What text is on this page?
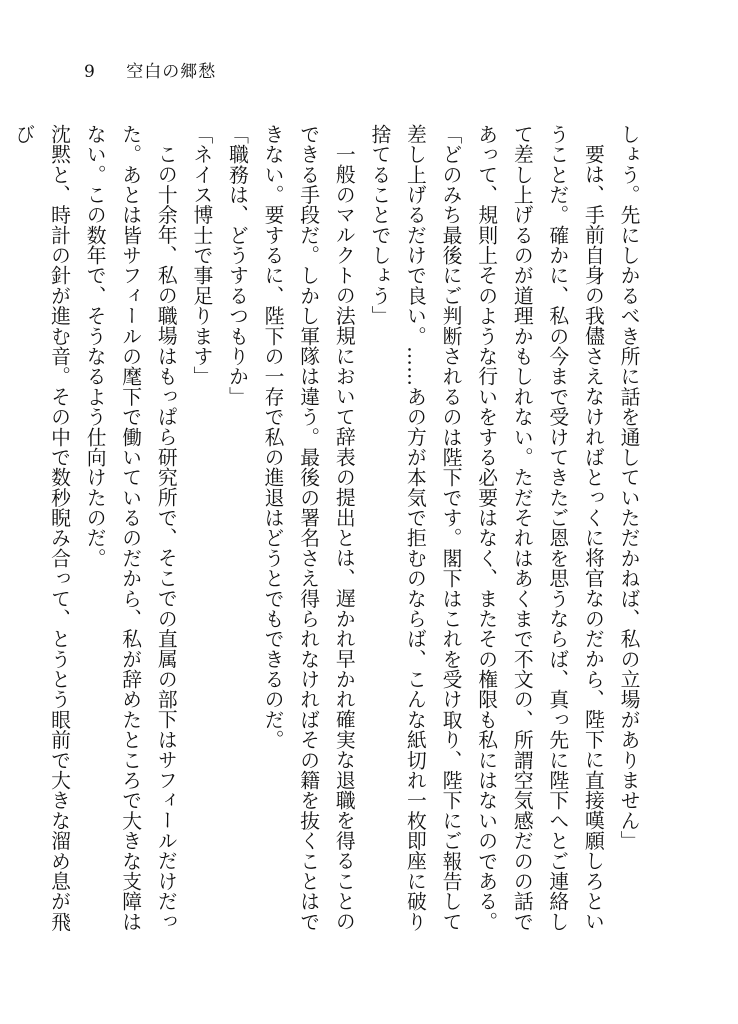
9 空白の郷愁

しょう。先にしかるべき所に話を通していただかねば、私の立場がありません」

要は、手前自身の我儘さえなければとっくに将官なのだから、陛下に直接嘆願しろということだ。確かに、私の今まで受けてきたご恩を思うならば、真っ先に陛下へとご連絡して差し上げるのが道理かもしれない。ただそれはあくまで不文の、所謂空気感だのの話であって、規則上そのような行いをする必要はなく、またその権限も私にはないのである。

「どのみち最後にご判断されるのは陛下です。閣下はこれを受け取り、陛下にご報告して差し上げるだけで良い。……あの方が本気で拒むのならば、こんな紙切れ一枚即座に破り捨てることでしょう」

一般のマルクトの法規において辞表の提出とは、遅かれ早かれ確実な退職を得ることのできる手段だ。しかし軍隊は違う。最後の署名さえ得られなければその籍を抜くことはできない。要するに、陛下の一存で私の進退はどうとでもできるのだ。

「職務は、どうするつもりか」

「ネイス博士で事足ります」

この十余年、私の職場はもっぱら研究所で、そこでの直属の部下はサフィールだけだった。あとは皆サフィールの麾下で働いているのだから、私が辞めたところで大きな支障はない。この数年で、そうなるよう仕向けたのだ。

沈黙と、時計の針が進む音。その中で数秒睨み合って、とうとう眼前で大きな溜め息が飛び
